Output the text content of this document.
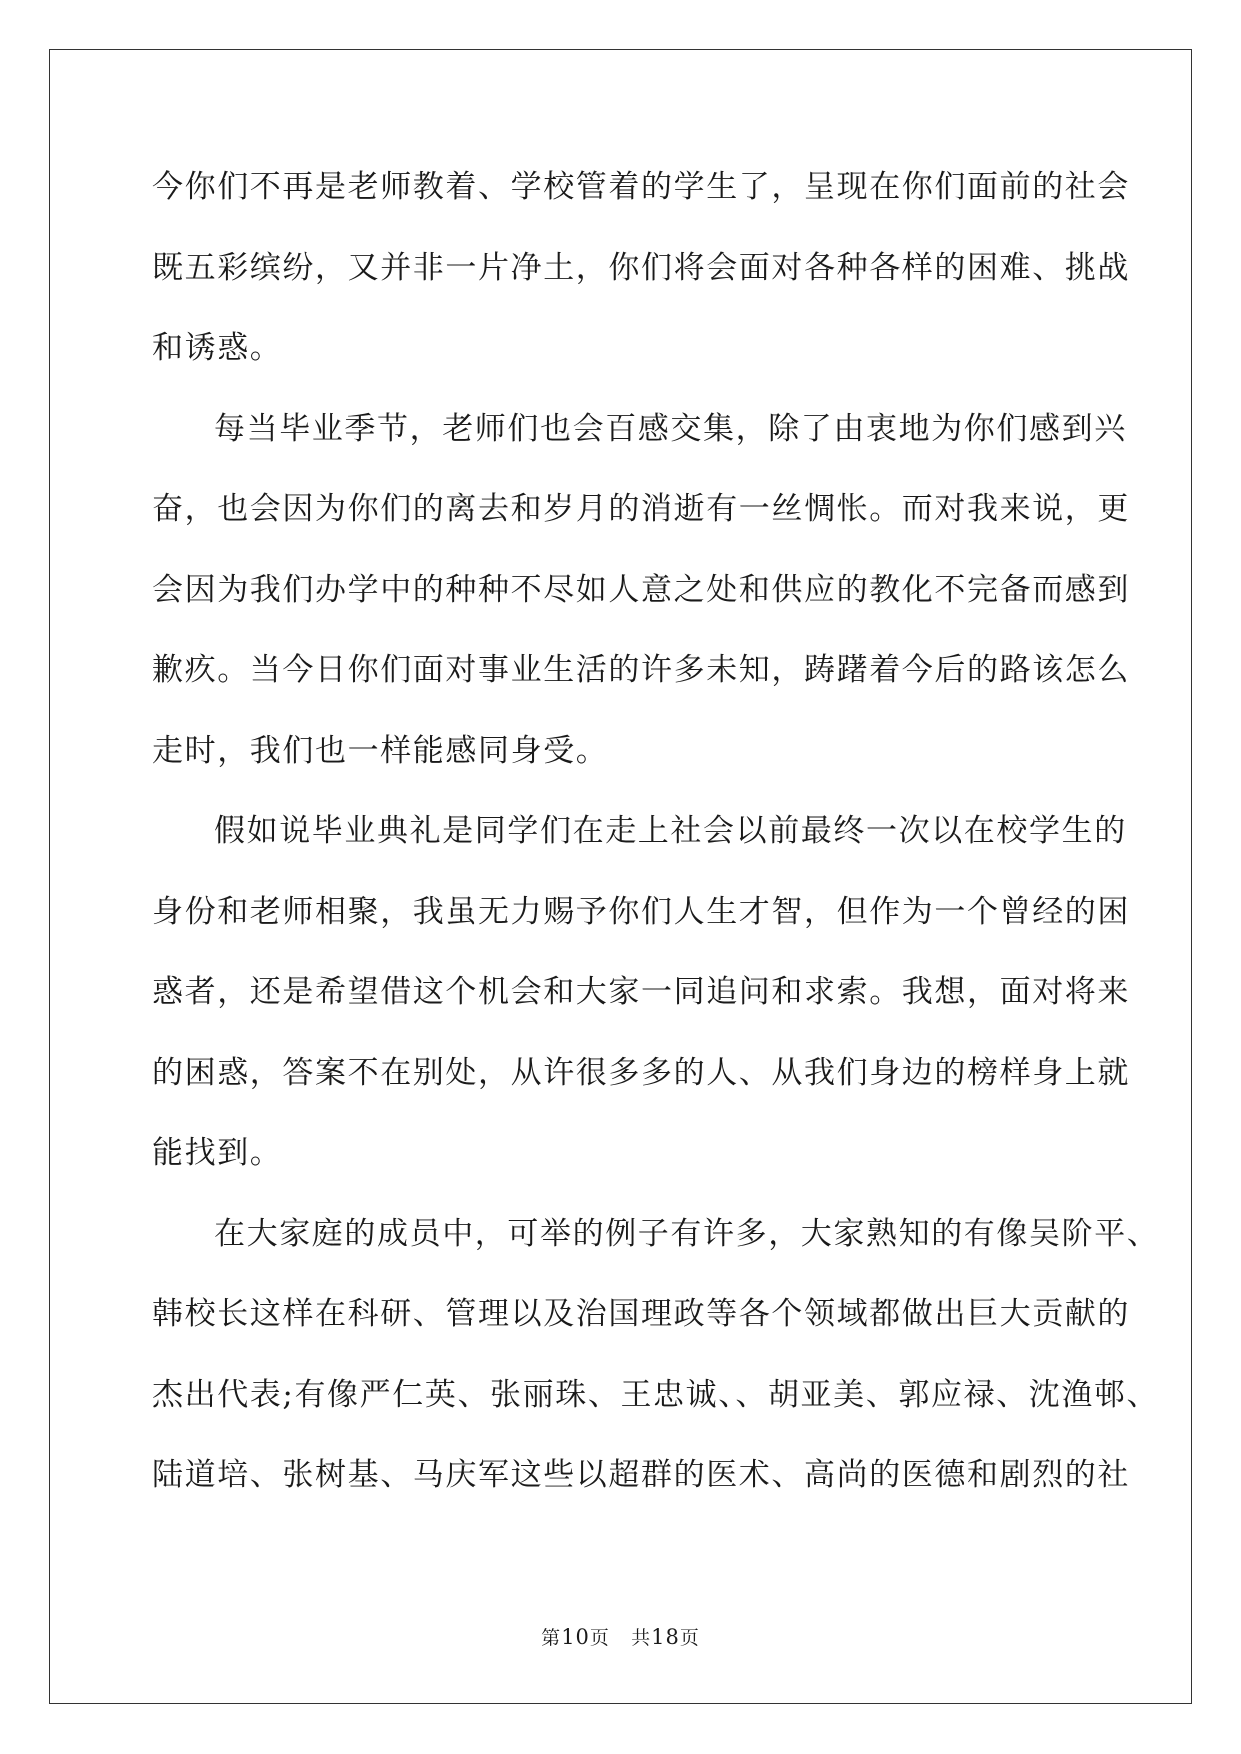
今你们不再是老师教着、学校管着的学生了，呈现在你们面前的社会
既五彩缤纷，又并非一片净土，你们将会面对各种各样的困难、挑战
和诱惑。
每当毕业季节，老师们也会百感交集，除了由衷地为你们感到兴
奋，也会因为你们的离去和岁月的消逝有一丝惆怅。而对我来说，更
会因为我们办学中的种种不尽如人意之处和供应的教化不完备而感到
歉疚。当今日你们面对事业生活的许多未知，踌躇着今后的路该怎么
走时，我们也一样能感同身受。
假如说毕业典礼是同学们在走上社会以前最终一次以在校学生的
身份和老师相聚，我虽无力赐予你们人生才智，但作为一个曾经的困
惑者，还是希望借这个机会和大家一同追问和求索。我想，面对将来
的困惑，答案不在别处，从许很多多的人、从我们身边的榜样身上就
能找到。
在大家庭的成员中，可举的例子有许多，大家熟知的有像吴阶平、
韩校长这样在科研、管理以及治国理政等各个领域都做出巨大贡献的
杰出代表;有像严仁英、张丽珠、王忠诚、、胡亚美、郭应禄、沈渔邨、
陆道培、张树基、马庆军这些以超群的医术、高尚的医德和剧烈的社
第10页 共18页
